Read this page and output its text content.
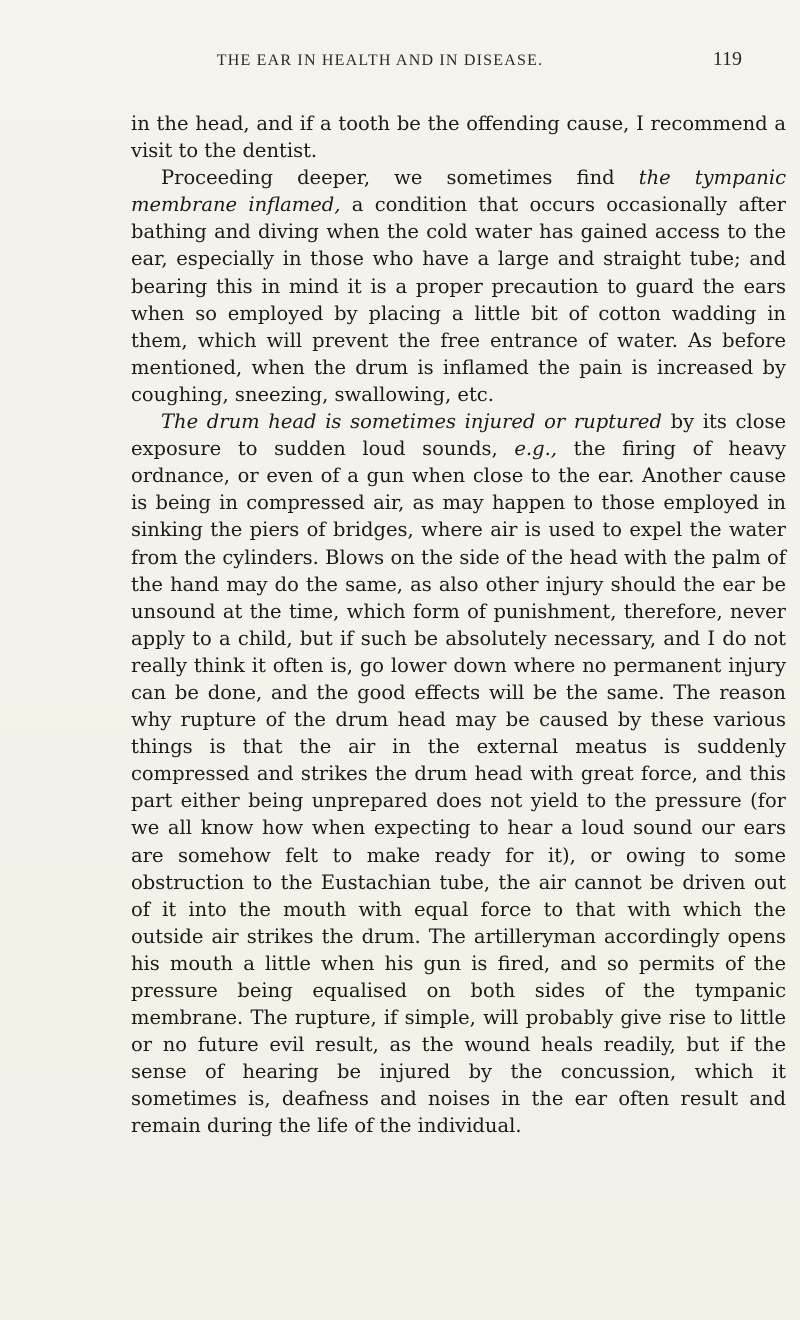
THE EAR IN HEALTH AND IN DISEASE.	119

in the head, and if a tooth be the offending cause, I recommend a visit to the dentist.

Proceeding deeper, we sometimes find the tympanic membrane inflamed, a condition that occurs occasionally after bathing and diving when the cold water has gained access to the ear, especially in those who have a large and straight tube; and bearing this in mind it is a proper precaution to guard the ears when so employed by placing a little bit of cotton wadding in them, which will prevent the free entrance of water. As before mentioned, when the drum is inflamed the pain is increased by coughing, sneezing, swallowing, etc.

The drum head is sometimes injured or ruptured by its close exposure to sudden loud sounds, e.g., the firing of heavy ordnance, or even of a gun when close to the ear. Another cause is being in compressed air, as may happen to those employed in sinking the piers of bridges, where air is used to expel the water from the cylinders. Blows on the side of the head with the palm of the hand may do the same, as also other injury should the ear be unsound at the time, which form of punishment, therefore, never apply to a child, but if such be absolutely necessary, and I do not really think it often is, go lower down where no permanent injury can be done, and the good effects will be the same. The reason why rupture of the drum head may be caused by these various things is that the air in the external meatus is suddenly compressed and strikes the drum head with great force, and this part either being unprepared does not yield to the pressure (for we all know how when expecting to hear a loud sound our ears are somehow felt to make ready for it), or owing to some obstruction to the Eustachian tube, the air cannot be driven out of it into the mouth with equal force to that with which the outside air strikes the drum. The artilleryman accordingly opens his mouth a little when his gun is fired, and so permits of the pressure being equalised on both sides of the tympanic membrane. The rupture, if simple, will probably give rise to little or no future evil result, as the wound heals readily, but if the sense of hearing be injured by the concussion, which it sometimes is, deafness and noises in the ear often result and remain during the life of the individual.
